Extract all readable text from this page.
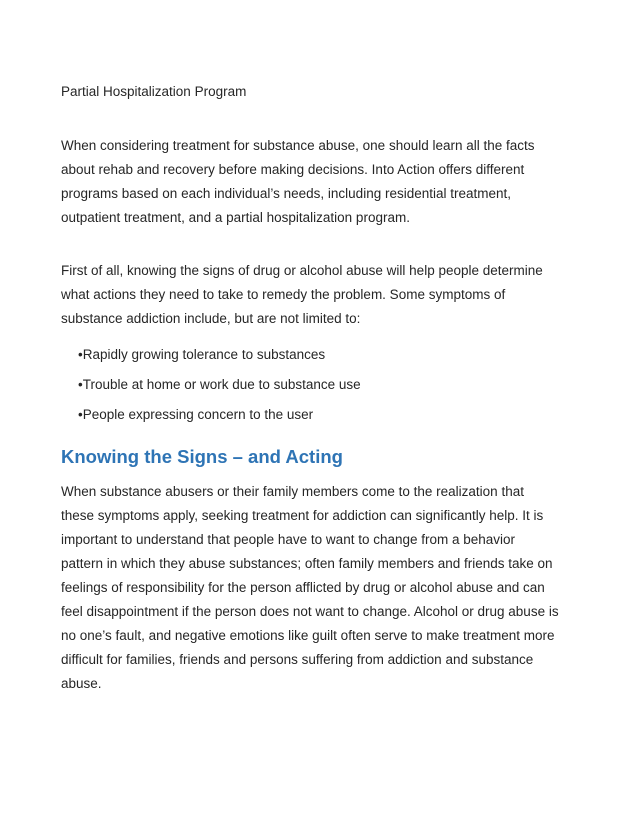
Partial Hospitalization Program
When considering treatment for substance abuse, one should learn all the facts
about rehab and recovery before making decisions. Into Action offers different
programs based on each individual’s needs, including residential treatment,
outpatient treatment, and a partial hospitalization program.
First of all, knowing the signs of drug or alcohol abuse will help people determine
what actions they need to take to remedy the problem. Some symptoms of
substance addiction include, but are not limited to:
•Rapidly growing tolerance to substances
•Trouble at home or work due to substance use
•People expressing concern to the user
Knowing the Signs – and Acting
When substance abusers or their family members come to the realization that
these symptoms apply, seeking treatment for addiction can significantly help. It is
important to understand that people have to want to change from a behavior
pattern in which they abuse substances; often family members and friends take on
feelings of responsibility for the person afflicted by drug or alcohol abuse and can
feel disappointment if the person does not want to change. Alcohol or drug abuse is
no one’s fault, and negative emotions like guilt often serve to make treatment more
difficult for families, friends and persons suffering from addiction and substance
abuse.
